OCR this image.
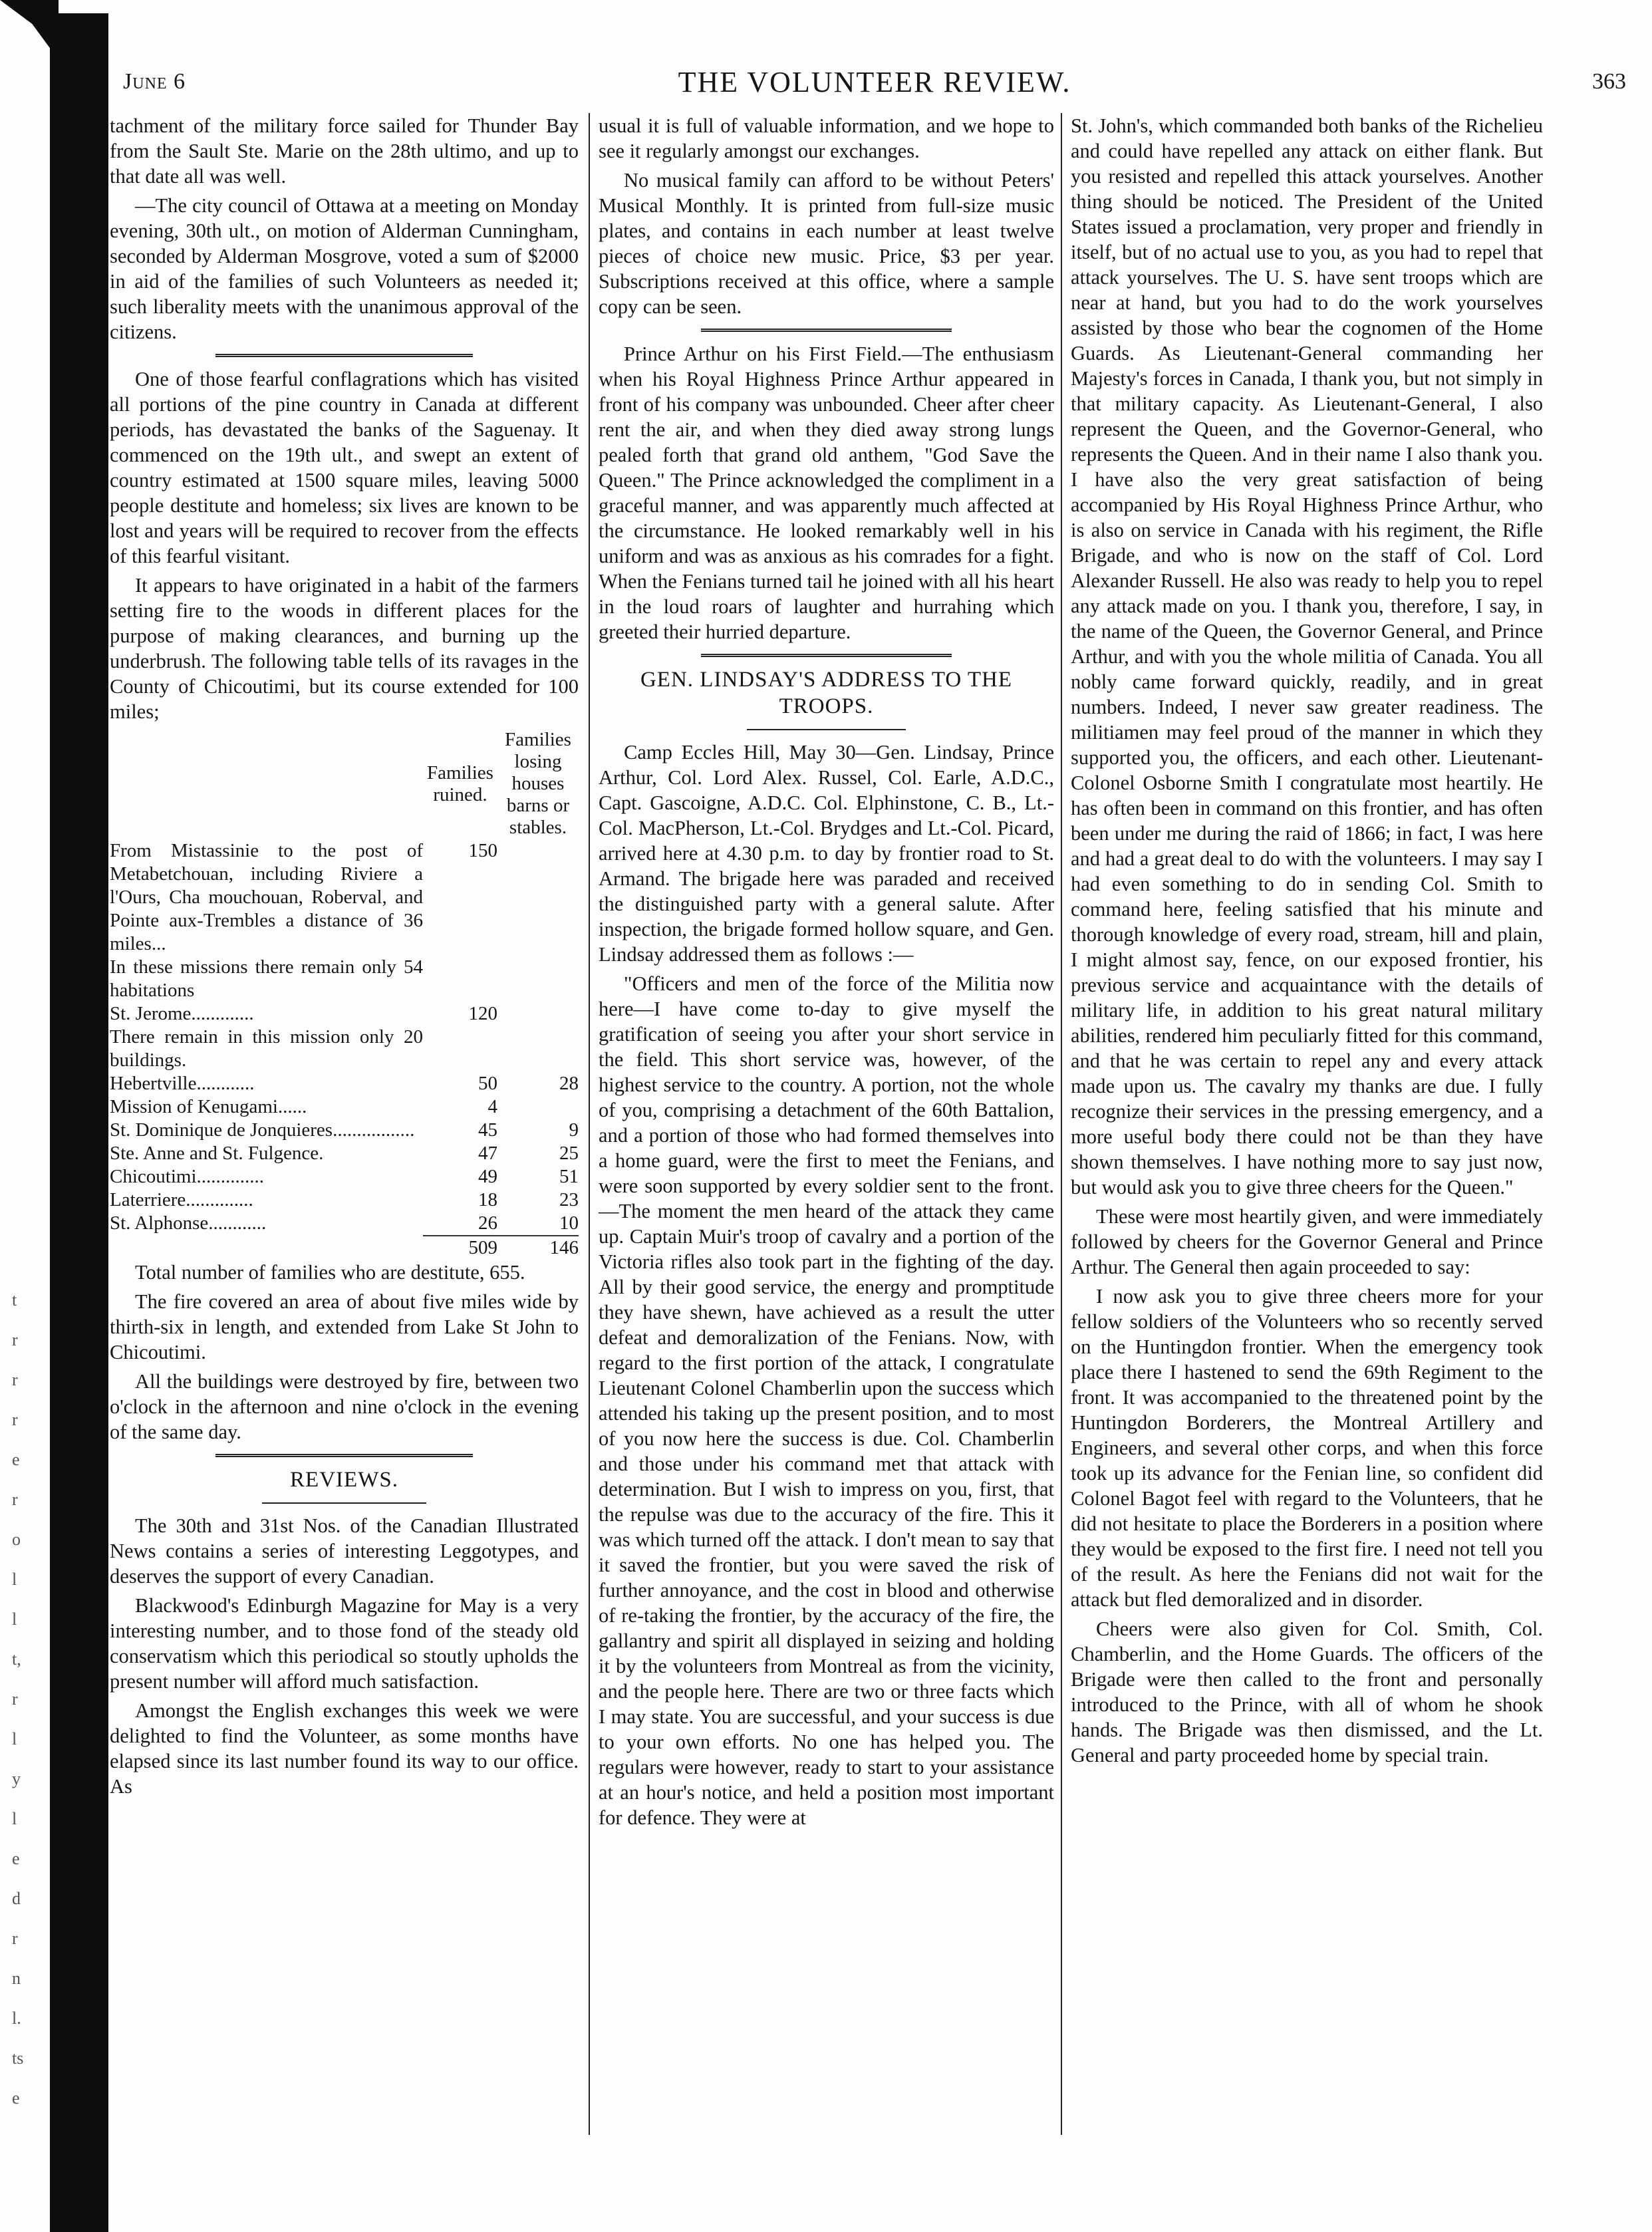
t
r
r
r
e
r
o
l
l
t,
r
l
y
l
e
d
r
n
l.
ts
e
June 6	THE VOLUNTEER REVIEW.	363

tachment of the military force sailed for Thunder Bay from the Sault Ste. Marie on the 28th ultimo, and up to that date all was well.

—The city council of Ottawa at a meeting on Monday evening, 30th ult., on motion of Alderman Cunningham, seconded by Alderman Mosgrove, voted a sum of $2000 in aid of the families of such Volunteers as needed it; such liberality meets with the unanimous approval of the citizens.

One of those fearful conflagrations which has visited all portions of the pine country in Canada at different periods, has devastated the banks of the Saguenay. It commenced on the 19th ult., and swept an extent of country estimated at 1500 square miles, leaving 5000 people destitute and homeless; six lives are known to be lost and years will be required to recover from the effects of this fearful visitant.

It appears to have originated in a habit of the farmers setting fire to the woods in different places for the purpose of making clearances, and burning up the underbrush. The following table tells of its ravages in the County of Chicoutimi, but its course extended for 100 miles;

	Families ruined.	Families losing houses barns or stables.
From Mistassinie to the post of Metabetchouan, including Riviere a l'Ours, Cha mouchouan, Roberval, and Pointe aux-Trembles a distance of 36 miles...	150	
In these missions there remain only 54 habitations		
St. Jerome.............	120	
There remain in this mission only 20 buildings.		
Hebertville............	50	28
Mission of Kenugami......	4	
St. Dominique de Jonquieres.................	45	9
Ste. Anne and St. Fulgence.	47	25
Chicoutimi..............	49	51
Laterriere..............	18	23
St. Alphonse............	26	10
	509	146

Total number of families who are destitute, 655.

The fire covered an area of about five miles wide by thirth-six in length, and extended from Lake St John to Chicoutimi.

All the buildings were destroyed by fire, between two o'clock in the afternoon and nine o'clock in the evening of the same day.

REVIEWS.

The 30th and 31st Nos. of the Canadian Illustrated News contains a series of interesting Leggotypes, and deserves the support of every Canadian.

Blackwood's Edinburgh Magazine for May is a very interesting number, and to those fond of the steady old conservatism which this periodical so stoutly upholds the present number will afford much satisfaction.

Amongst the English exchanges this week we were delighted to find the Volunteer, as some months have elapsed since its last number found its way to our office. As

usual it is full of valuable information, and we hope to see it regularly amongst our exchanges.

No musical family can afford to be without Peters' Musical Monthly. It is printed from full-size music plates, and contains in each number at least twelve pieces of choice new music. Price, $3 per year. Subscriptions received at this office, where a sample copy can be seen.

Prince Arthur on his First Field.—The enthusiasm when his Royal Highness Prince Arthur appeared in front of his company was unbounded. Cheer after cheer rent the air, and when they died away strong lungs pealed forth that grand old anthem, "God Save the Queen." The Prince acknowledged the compliment in a graceful manner, and was apparently much affected at the circumstance. He looked remarkably well in his uniform and was as anxious as his comrades for a fight. When the Fenians turned tail he joined with all his heart in the loud roars of laughter and hurrahing which greeted their hurried departure.

GEN. LINDSAY'S ADDRESS TO THE TROOPS.

Camp Eccles Hill, May 30—Gen. Lindsay, Prince Arthur, Col. Lord Alex. Russel, Col. Earle, A.D.C., Capt. Gascoigne, A.D.C. Col. Elphinstone, C. B., Lt.-Col. MacPherson, Lt.-Col. Brydges and Lt.-Col. Picard, arrived here at 4.30 p.m. to day by frontier road to St. Armand. The brigade here was paraded and received the distinguished party with a general salute. After inspection, the brigade formed hollow square, and Gen. Lindsay addressed them as follows :—

"Officers and men of the force of the Militia now here—I have come to-day to give myself the gratification of seeing you after your short service in the field. This short service was, however, of the highest service to the country. A portion, not the whole of you, comprising a detachment of the 60th Battalion, and a portion of those who had formed themselves into a home guard, were the first to meet the Fenians, and were soon supported by every soldier sent to the front.—The moment the men heard of the attack they came up. Captain Muir's troop of cavalry and a portion of the Victoria rifles also took part in the fighting of the day. All by their good service, the energy and promptitude they have shewn, have achieved as a result the utter defeat and demoralization of the Fenians. Now, with regard to the first portion of the attack, I congratulate Lieutenant Colonel Chamberlin upon the success which attended his taking up the present position, and to most of you now here the success is due. Col. Chamberlin and those under his command met that attack with determination. But I wish to impress on you, first, that the repulse was due to the accuracy of the fire. This it was which turned off the attack. I don't mean to say that it saved the frontier, but you were saved the risk of further annoyance, and the cost in blood and otherwise of re-taking the frontier, by the accuracy of the fire, the gallantry and spirit all displayed in seizing and holding it by the volunteers from Montreal as from the vicinity, and the people here. There are two or three facts which I may state. You are successful, and your success is due to your own efforts. No one has helped you. The regulars were however, ready to start to your assistance at an hour's notice, and held a position most important for defence. They were at

St. John's, which commanded both banks of the Richelieu and could have repelled any attack on either flank. But you resisted and repelled this attack yourselves. Another thing should be noticed. The President of the United States issued a proclamation, very proper and friendly in itself, but of no actual use to you, as you had to repel that attack yourselves. The U. S. have sent troops which are near at hand, but you had to do the work yourselves assisted by those who bear the cognomen of the Home Guards. As Lieutenant-General commanding her Majesty's forces in Canada, I thank you, but not simply in that military capacity. As Lieutenant-General, I also represent the Queen, and the Governor-General, who represents the Queen. And in their name I also thank you. I have also the very great satisfaction of being accompanied by His Royal Highness Prince Arthur, who is also on service in Canada with his regiment, the Rifle Brigade, and who is now on the staff of Col. Lord Alexander Russell. He also was ready to help you to repel any attack made on you. I thank you, therefore, I say, in the name of the Queen, the Governor General, and Prince Arthur, and with you the whole militia of Canada. You all nobly came forward quickly, readily, and in great numbers. Indeed, I never saw greater readiness. The militiamen may feel proud of the manner in which they supported you, the officers, and each other. Lieutenant-Colonel Osborne Smith I congratulate most heartily. He has often been in command on this frontier, and has often been under me during the raid of 1866; in fact, I was here and had a great deal to do with the volunteers. I may say I had even something to do in sending Col. Smith to command here, feeling satisfied that his minute and thorough knowledge of every road, stream, hill and plain, I might almost say, fence, on our exposed frontier, his previous service and acquaintance with the details of military life, in addition to his great natural military abilities, rendered him peculiarly fitted for this command, and that he was certain to repel any and every attack made upon us. The cavalry my thanks are due. I fully recognize their services in the pressing emergency, and a more useful body there could not be than they have shown themselves. I have nothing more to say just now, but would ask you to give three cheers for the Queen."

These were most heartily given, and were immediately followed by cheers for the Governor General and Prince Arthur. The General then again proceeded to say:

I now ask you to give three cheers more for your fellow soldiers of the Volunteers who so recently served on the Huntingdon frontier. When the emergency took place there I hastened to send the 69th Regiment to the front. It was accompanied to the threatened point by the Huntingdon Borderers, the Montreal Artillery and Engineers, and several other corps, and when this force took up its advance for the Fenian line, so confident did Colonel Bagot feel with regard to the Volunteers, that he did not hesitate to place the Borderers in a position where they would be exposed to the first fire. I need not tell you of the result. As here the Fenians did not wait for the attack but fled demoralized and in disorder.

Cheers were also given for Col. Smith, Col. Chamberlin, and the Home Guards. The officers of the Brigade were then called to the front and personally introduced to the Prince, with all of whom he shook hands. The Brigade was then dismissed, and the Lt. General and party proceeded home by special train.
